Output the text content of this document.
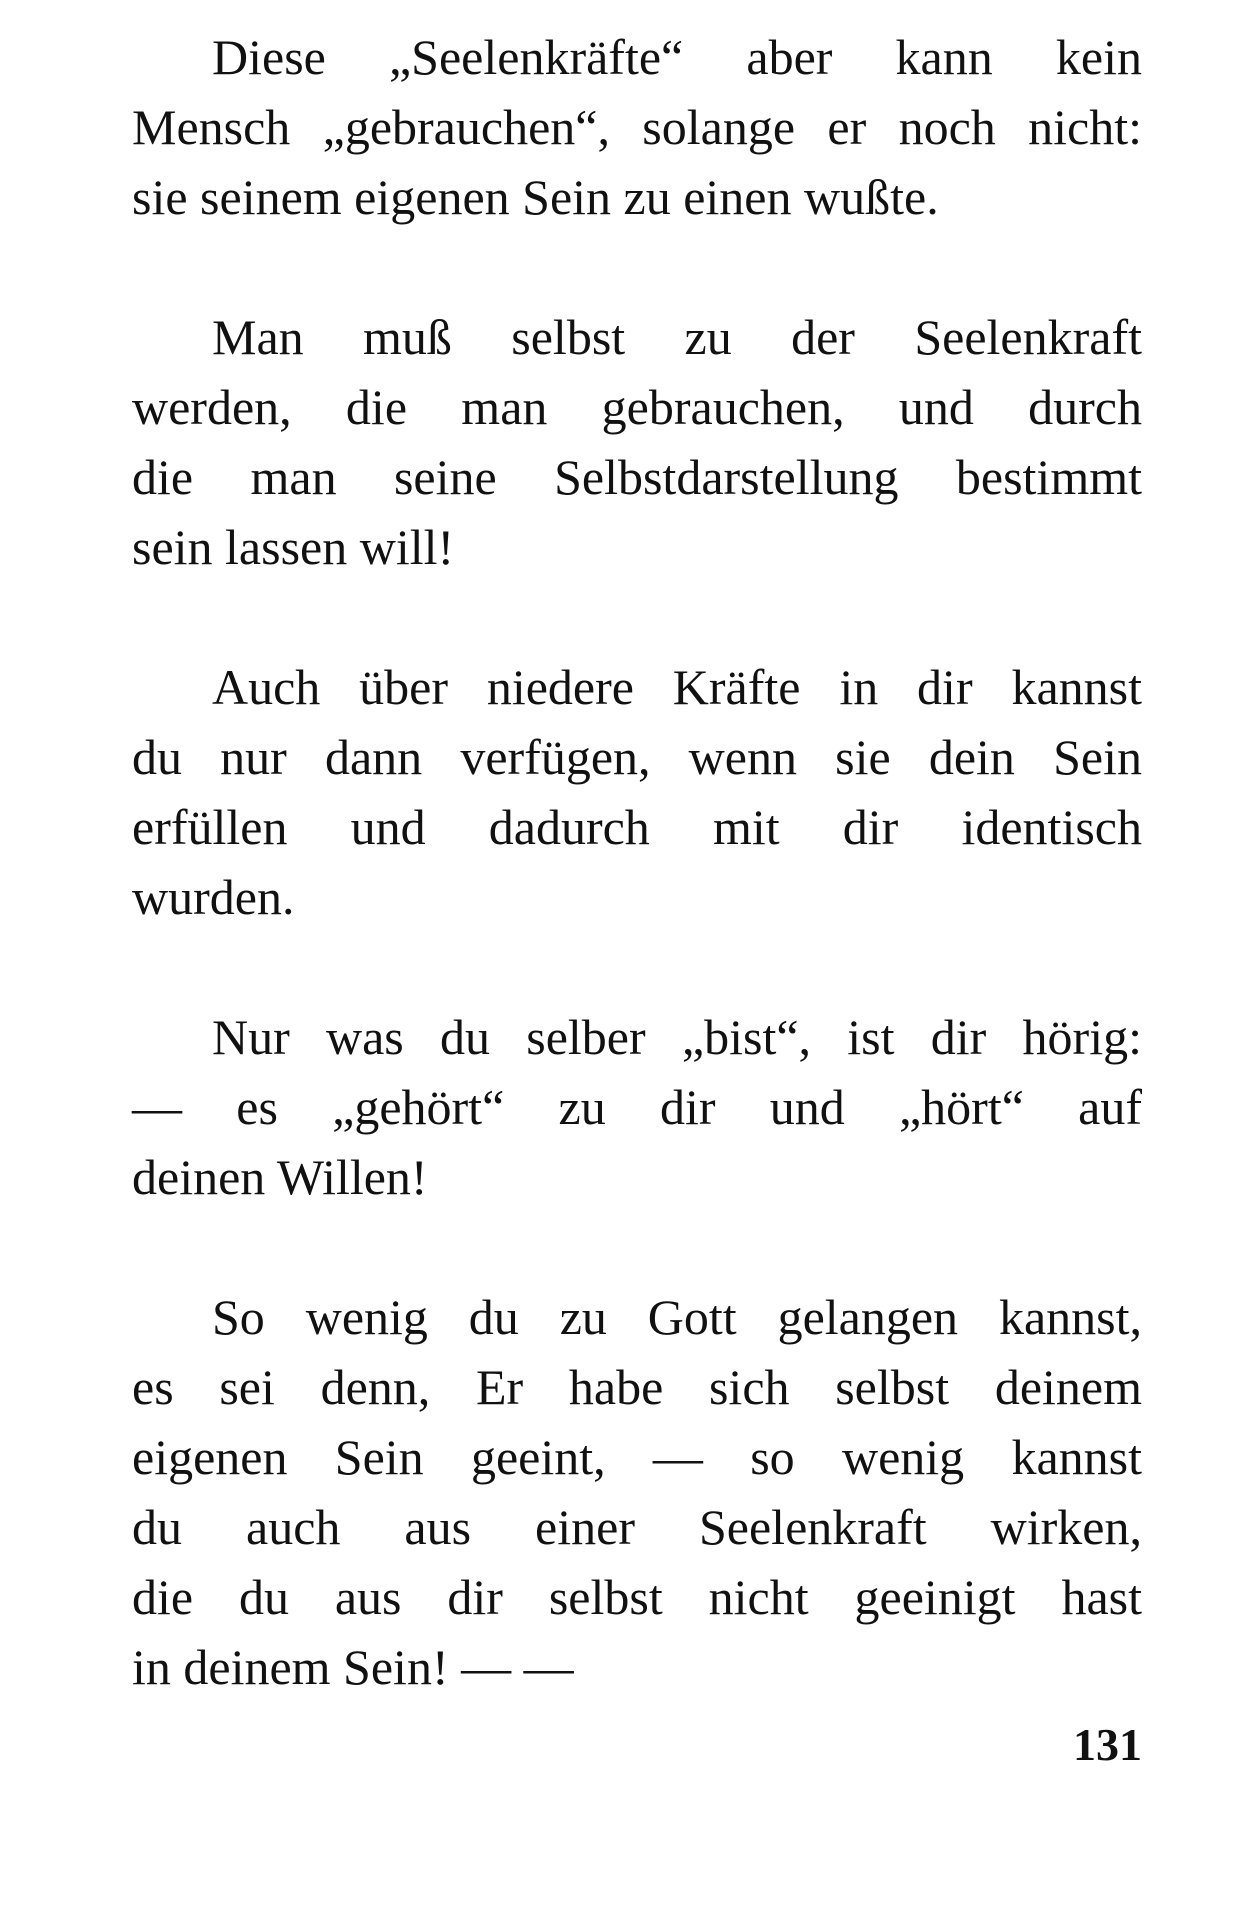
Diese „Seelenkräfte“ aber kann kein
Mensch „gebrauchen“, solange er noch nicht:
sie seinem eigenen Sein zu einen wußte.

Man muß selbst zu der Seelenkraft
werden, die man gebrauchen, und durch
die man seine Selbstdarstellung bestimmt
sein lassen will!

Auch über niedere Kräfte in dir kannst
du nur dann verfügen, wenn sie dein Sein
erfüllen und dadurch mit dir identisch
wurden.

Nur was du selber „bist“, ist dir hörig:
— es „gehört“ zu dir und „hört“ auf
deinen Willen!

So wenig du zu Gott gelangen kannst,
es sei denn, Er habe sich selbst deinem
eigenen Sein geeint, — so wenig kannst
du auch aus einer Seelenkraft wirken,
die du aus dir selbst nicht geeinigt hast
in deinem Sein! — —

131
